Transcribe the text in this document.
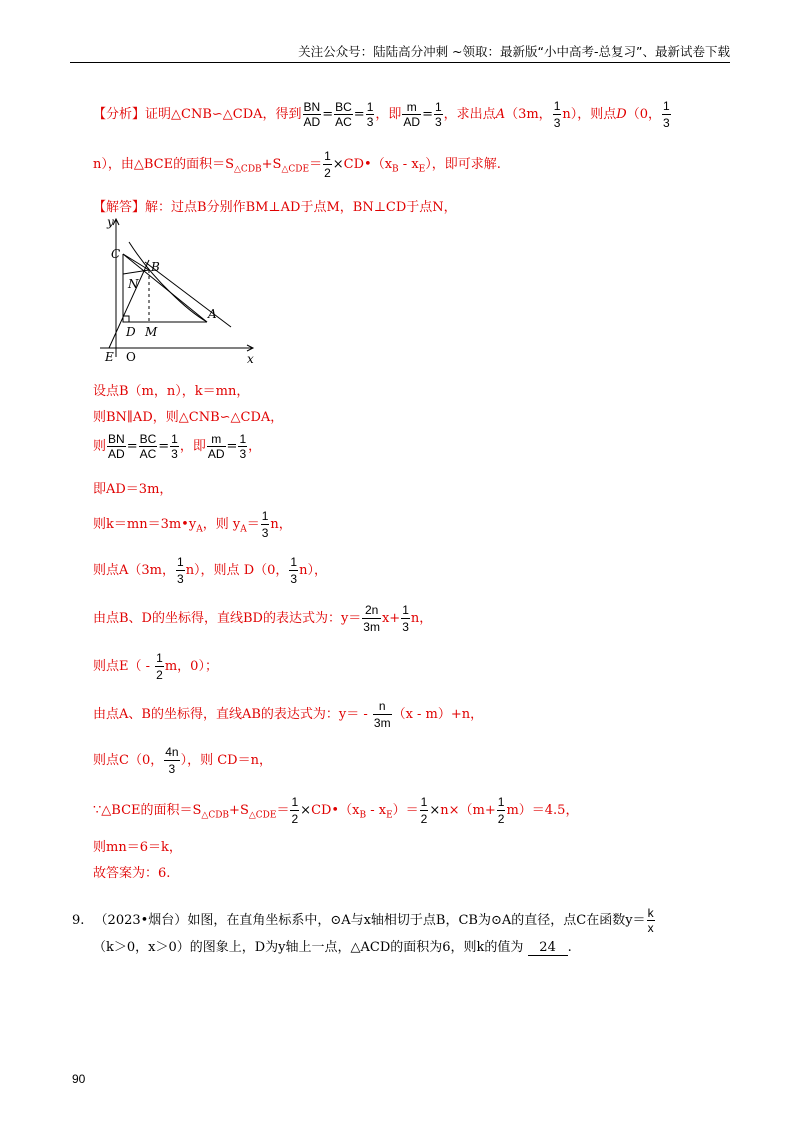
关注公众号：陆陆高分冲刺 ~领取：最新版“小中高考-总复习”、最新试卷下载
【分析】证明△CNB∽△CDA，得到 $\frac{BN}{AD} = \frac{BC}{AC} = \frac{1}{3}$ ，即 $\frac{m}{AD} = \frac{1}{3}$ ，求出点A（3m， $\frac{1}{3} n$），则点D（0， $\frac{1}{3}$
n），由△BCE的面积$=S_{\triangle CDB}+S_{\triangle CDE}= \frac{1}{2}$ $\times CD•(x_B - x_E)$，即可求解.
【解答】解：过点B分别作BM⊥AD于点M，BN⊥CD于点N，
y
x
C
B
N
A
D M
E O
设点B（m，n），k＝mn，
则BN∥AD，则△CNB∽△CDA，
则 $\frac{BN}{AD} = \frac{BC}{AC} = \frac{1}{3}$ ，即 $\frac{m}{AD} = \frac{1}{3}$ ，
即AD＝3m，
则$k=mn=3m•y_A$，则 $y_A= \frac{1}{3}$ n，
则点A（3m， $\frac{1}{3} n$），则点 D（0， $\frac{1}{3} n$），
由点B、D的坐标得，直线BD的表达式为：$y= \frac{2n}{3m} x+ \frac{1}{3}$ n，
则点$E( - \frac{1}{2}$ m，0）；
由点A、B的坐标得，直线AB的表达式为：$y= - \frac{n}{3m} (x - m)+n$，
则点C（0， $\frac{4n}{3}$ ），则 CD＝n，
∵△BCE的面积$=S_{\triangle CDB}+S_{\triangle CDE}= \frac{1}{2}$ $\times CD•(x_B - x_E)= \frac{1}{2} \times n\times(m+ \frac{1}{2} m)=4.5$，
则mn＝6＝k，
故答案为：6.
9. （2023•烟台）如图，在直角坐标系中，⊙A与x轴相切于点B，CB为⊙A的直径，点C在函数$y= \frac{k}{x}$
（k＞0，x＞0）的图象上，D为y轴上一点，△ACD的面积为6，则k的值为 24 .
90
